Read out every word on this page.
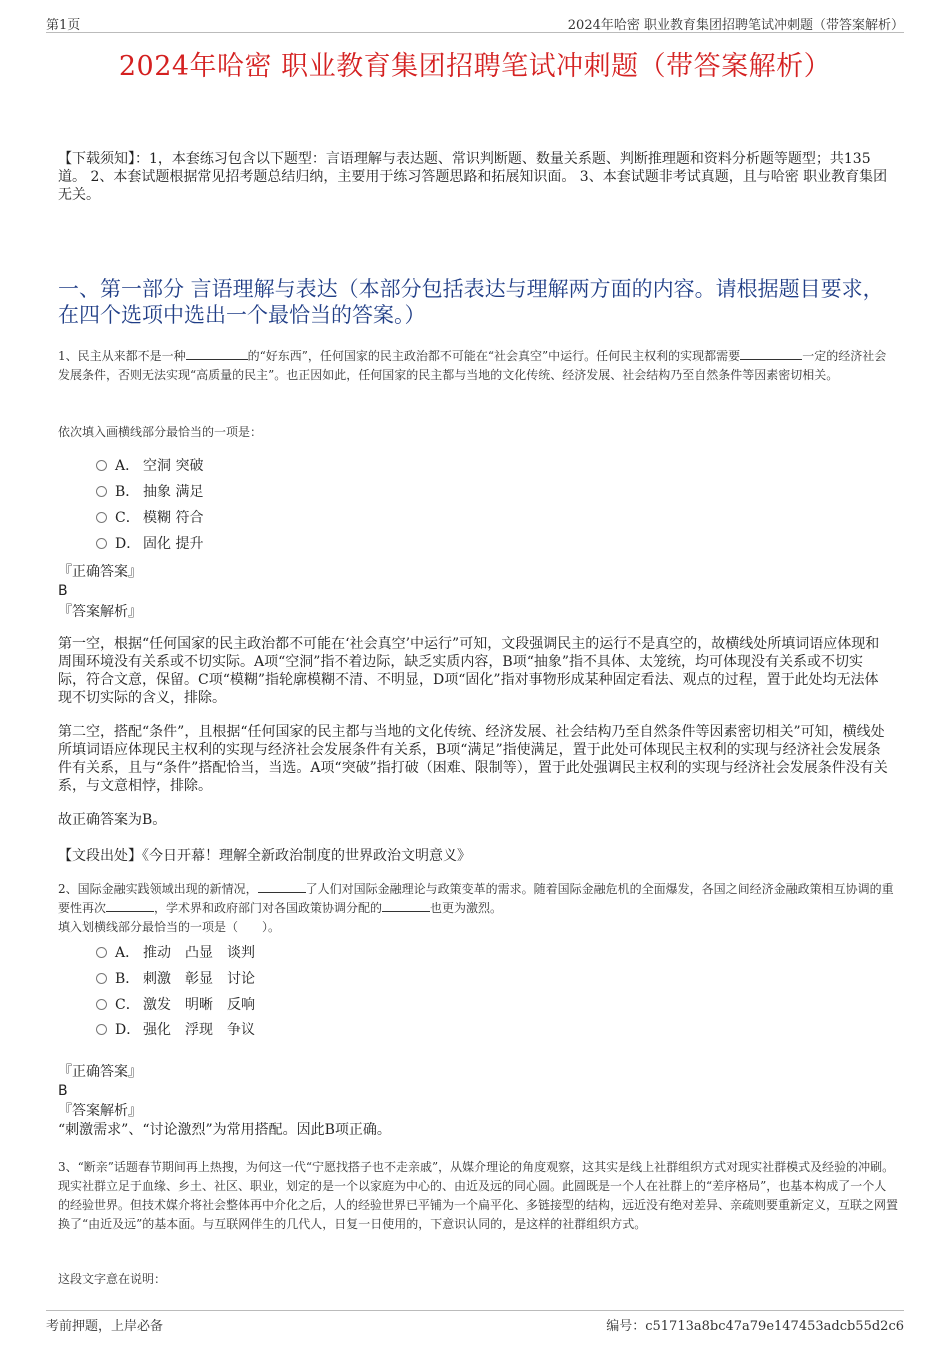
第1页	2024年哈密 职业教育集团招聘笔试冲刺题（带答案解析）
2024年哈密 职业教育集团招聘笔试冲刺题（带答案解析）
【下载须知】：1，本套练习包含以下题型：言语理解与表达题、常识判断题、数量关系题、判断推理题和资料分析题等题型；共135道。 2、本套试题根据常见招考题总结归纳，主要用于练习答题思路和拓展知识面。 3、本套试题非考试真题，且与哈密 职业教育集团无关。
一、第一部分 言语理解与表达（本部分包括表达与理解两方面的内容。请根据题目要求，在四个选项中选出一个最恰当的答案。）
1、民主从来都不是一种	的“好东西”，任何国家的民主政治都不可能在“社会真空”中运行。任何民主权利的实现都需要	一定的经济社会发展条件，否则无法实现“高质量的民主”。也正因如此，任何国家的民主都与当地的文化传统、经济发展、社会结构乃至自然条件等因素密切相关。
依次填入画横线部分最恰当的一项是：
A． 空洞 突破
B． 抽象 满足
C． 模糊 符合
D． 固化 提升
『正确答案』
B
『答案解析』
第一空，根据“任何国家的民主政治都不可能在‘社会真空’中运行”可知，文段强调民主的运行不是真空的，故横线处所填词语应体现和周围环境没有关系或不切实际。A项“空洞”指不着边际，缺乏实质内容，B项“抽象”指不具体、太笼统，均可体现没有关系或不切实际，符合文意，保留。C项“模糊”指轮廓模糊不清、不明显，D项“固化”指对事物形成某种固定看法、观点的过程，置于此处均无法体现不切实际的含义，排除。
第二空，搭配“条件”，且根据“任何国家的民主都与当地的文化传统、经济发展、社会结构乃至自然条件等因素密切相关”可知，横线处所填词语应体现民主权利的实现与经济社会发展条件有关系，B项“满足”指使满足，置于此处可体现民主权利的实现与经济社会发展条件有关系，且与“条件”搭配恰当，当选。A项“突破”指打破（困难、限制等），置于此处强调民主权利的实现与经济社会发展条件没有关系，与文意相悖，排除。
故正确答案为B。
【文段出处】《今日开幕！理解全新政治制度的世界政治文明意义》
2、国际金融实践领域出现的新情况，	了人们对国际金融理论与政策变革的需求。随着国际金融危机的全面爆发，各国之间经济金融政策相互协调的重要性再次	，学术界和政府部门对各国政策协调分配的	也更为激烈。
填入划横线部分最恰当的一项是（　　）。
A． 推动　凸显　谈判
B． 刺激　彰显　讨论
C． 激发　明晰　反响
D． 强化　浮现　争议
『正确答案』
B
『答案解析』
“刺激需求”、“讨论激烈”为常用搭配。因此B项正确。
3、“断亲”话题春节期间再上热搜，为何这一代“宁愿找搭子也不走亲戚”，从媒介理论的角度观察，这其实是线上社群组织方式对现实社群模式及经验的冲刷。现实社群立足于血缘、乡土、社区、职业，划定的是一个以家庭为中心的、由近及远的同心圆。此圆既是一个人在社群上的“差序格局”，也基本构成了一个人的经验世界。但技术媒介将社会整体再中介化之后，人的经验世界已平铺为一个扁平化、多链接型的结构，远近没有绝对差异、亲疏则要重新定义，互联之网置换了“由近及远”的基本面。与互联网伴生的几代人，日复一日使用的，下意识认同的，是这样的社群组织方式。
这段文字意在说明：
考前押题，上岸必备	编号：c51713a8bc47a79e147453adcb55d2c6
